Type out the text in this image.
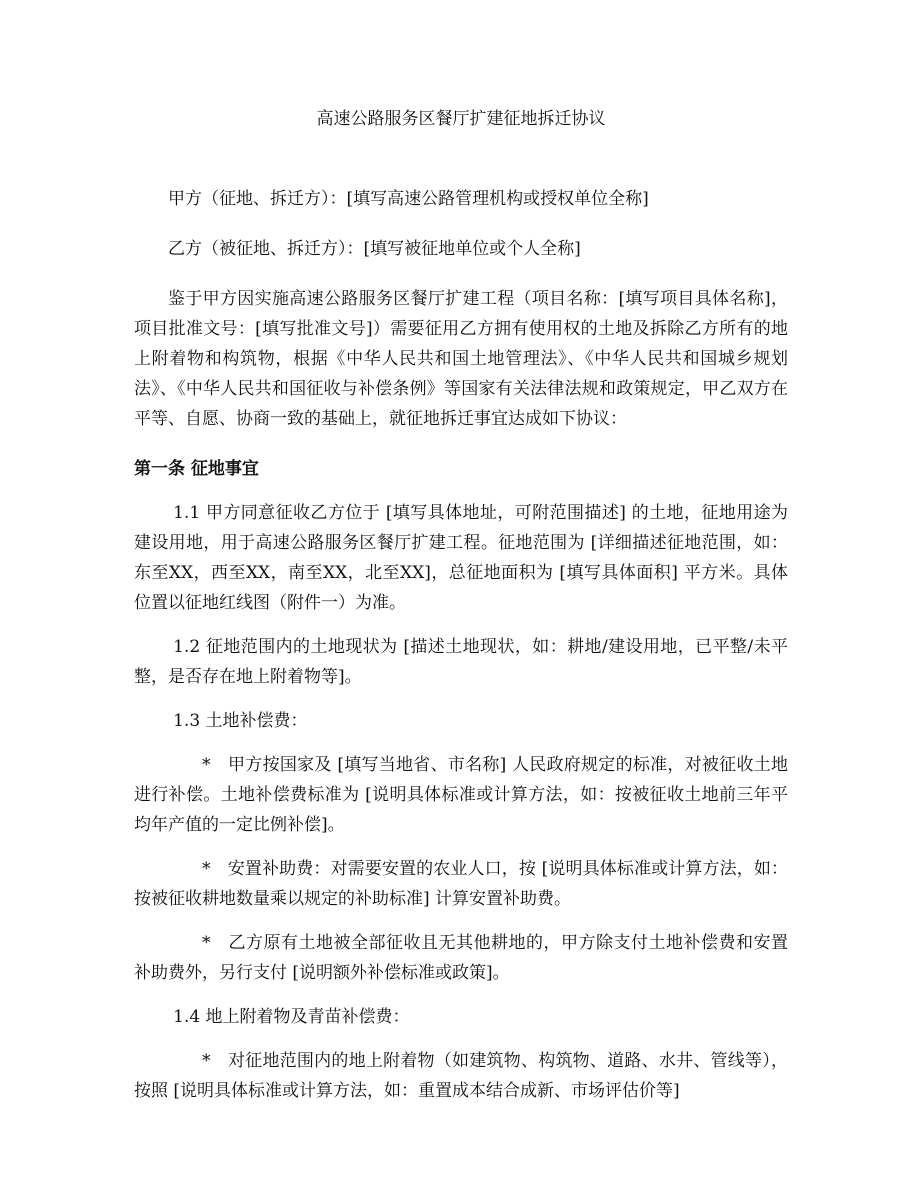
高速公路服务区餐厅扩建征地拆迁协议

甲方（征地、拆迁方）：[填写高速公路管理机构或授权单位全称]

乙方（被征地、拆迁方）：[填写被征地单位或个人全称]

鉴于甲方因实施高速公路服务区餐厅扩建工程（项目名称：[填写项目具体名称]，项目批准文号：[填写批准文号]）需要征用乙方拥有使用权的土地及拆除乙方所有的地上附着物和构筑物，根据《中华人民共和国土地管理法》、《中华人民共和国城乡规划法》、《中华人民共和国征收与补偿条例》等国家有关法律法规和政策规定，甲乙双方在平等、自愿、协商一致的基础上，就征地拆迁事宜达成如下协议：

第一条 征地事宜

1.1 甲方同意征收乙方位于 [填写具体地址，可附范围描述] 的土地，征地用途为建设用地，用于高速公路服务区餐厅扩建工程。征地范围为 [详细描述征地范围，如：东至XX，西至XX，南至XX，北至XX]，总征地面积为 [填写具体面积] 平方米。具体位置以征地红线图（附件一）为准。

1.2 征地范围内的土地现状为 [描述土地现状，如：耕地/建设用地，已平整/未平整，是否存在地上附着物等]。

1.3 土地补偿费：

*　甲方按国家及 [填写当地省、市名称] 人民政府规定的标准，对被征收土地进行补偿。土地补偿费标准为 [说明具体标准或计算方法，如：按被征收土地前三年平均年产值的一定比例补偿]。

*　安置补助费：对需要安置的农业人口，按 [说明具体标准或计算方法，如：按被征收耕地数量乘以规定的补助标准] 计算安置补助费。

*　乙方原有土地被全部征收且无其他耕地的，甲方除支付土地补偿费和安置补助费外，另行支付 [说明额外补偿标准或政策]。

1.4 地上附着物及青苗补偿费：

*　对征地范围内的地上附着物（如建筑物、构筑物、道路、水井、管线等），按照 [说明具体标准或计算方法，如：重置成本结合成新、市场评估价等]
